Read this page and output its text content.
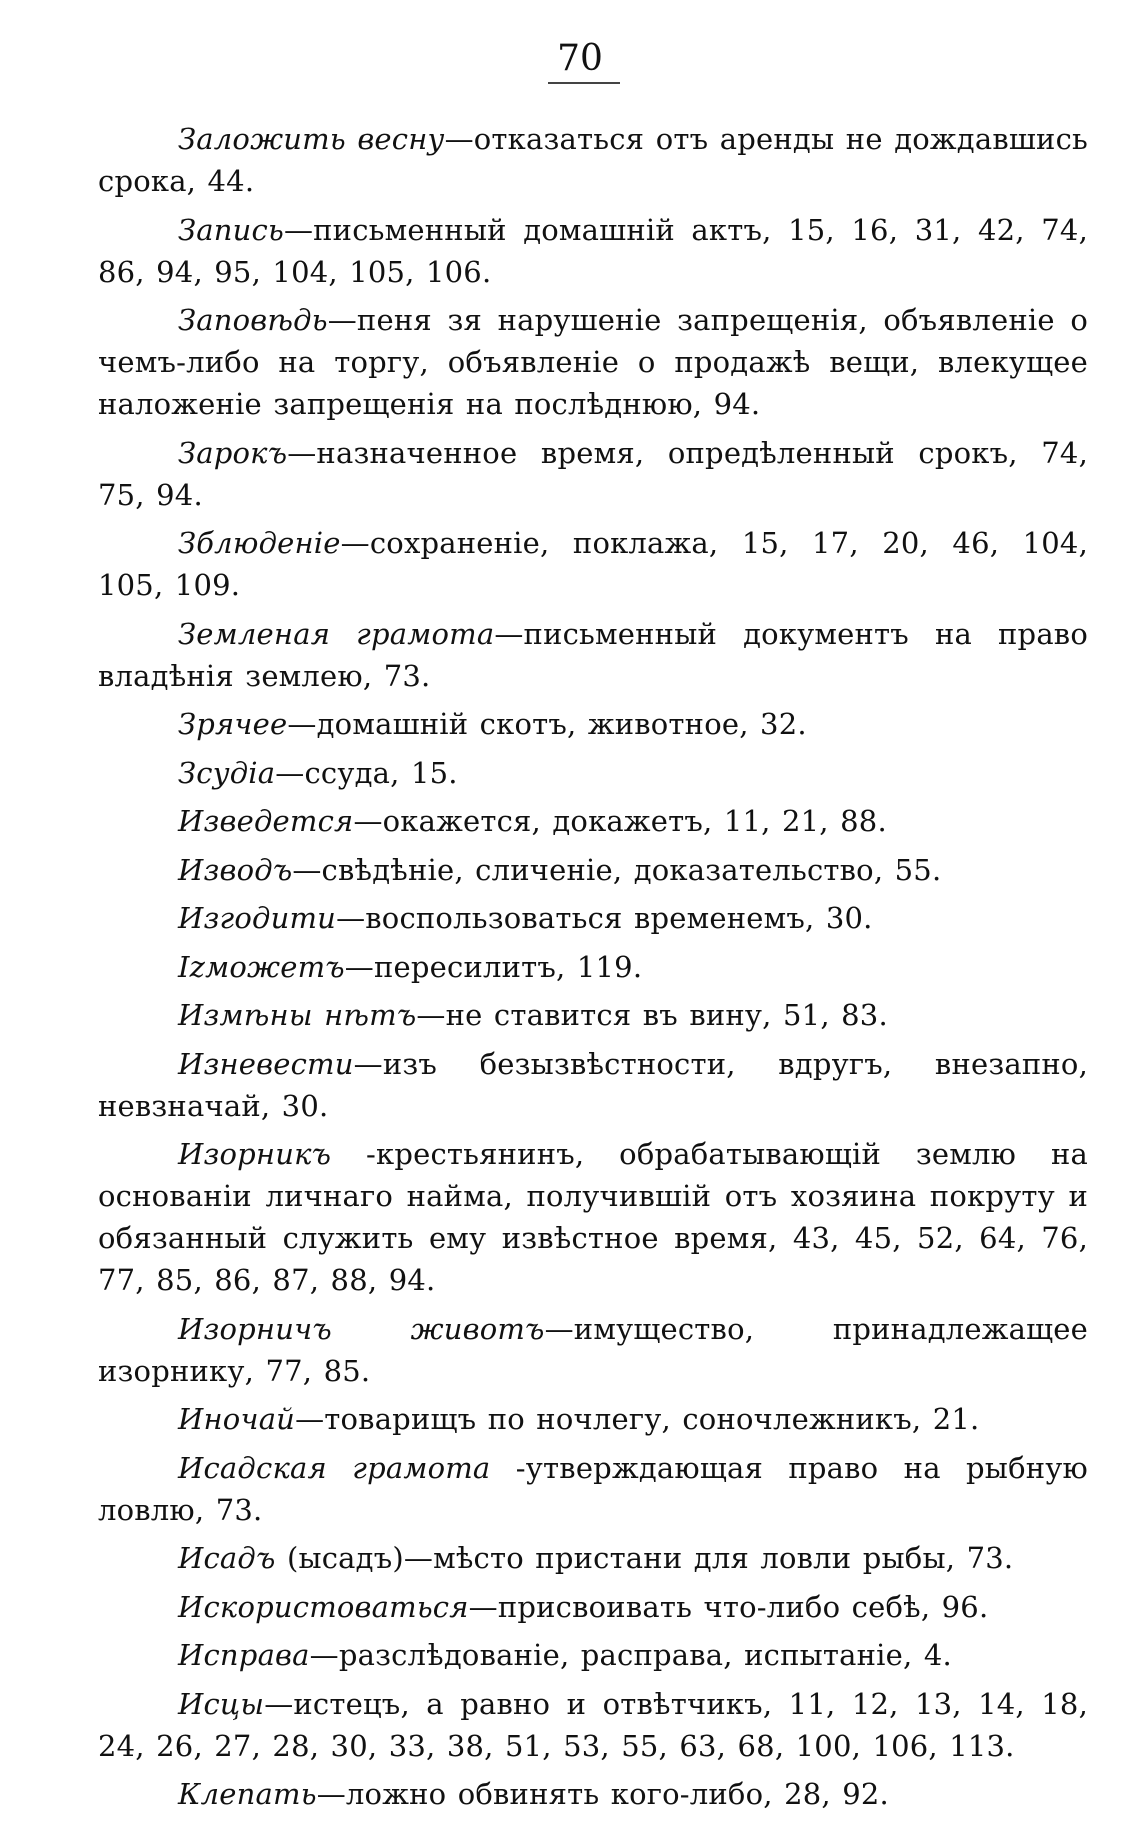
70

Заложить весну—отказаться отъ аренды не дождавшись срока, 44.

Запись—письменный домашній актъ, 15, 16, 31, 42, 74, 86, 94, 95, 104, 105, 106.

Заповѣдь—пеня зя нарушеніе запрещенія, объявленіе о чемъ-либо на торгу, объявленіе о продажѣ вещи, влекущее наложеніе запрещенія на послѣднюю, 94.

Зарокъ—назначенное время, опредѣленный срокъ, 74, 75, 94.

Зблюденіе—сохраненіе, поклажа, 15, 17, 20, 46, 104, 105, 109.

Земленая грамота—письменный документъ на право владѣнія землею, 73.

Зрячее—домашній скотъ, животное, 32.

Зсудіа—ссуда, 15.

Изведется—окажется, докажетъ, 11, 21, 88.

Изводъ—свѣдѣніе, сличеніе, доказательство, 55.

Изгодити—воспользоваться временемъ, 30.

Izможетъ—пересилитъ, 119.

Измѣны нѣтъ—не ставится въ вину, 51, 83.

Изневести—изъ безызвѣстности, вдругъ, внезапно, невзначай, 30.

Изорникъ -крестьянинъ, обрабатывающій землю на основаніи личнаго найма, получившій отъ хозяина покруту и обязанный служить ему извѣстное время, 43, 45, 52, 64, 76, 77, 85, 86, 87, 88, 94.

Изорничъ животъ—имущество, принадлежащее изорнику, 77, 85.

Иночай—товарищъ по ночлегу, соночлежникъ, 21.

Исадская грамота -утверждающая право на рыбную ловлю, 73.

Исадъ (ысадъ)—мѣсто пристани для ловли рыбы, 73.

Искористоваться—присвоивать что-либо себѣ, 96.

Исправа—разслѣдованіе, расправа, испытаніе, 4.

Исцы—истецъ, а равно и отвѣтчикъ, 11, 12, 13, 14, 18, 24, 26, 27, 28, 30, 33, 38, 51, 53, 55, 63, 68, 100, 106, 113.

Клепать—ложно обвинять кого-либо, 28, 92.
